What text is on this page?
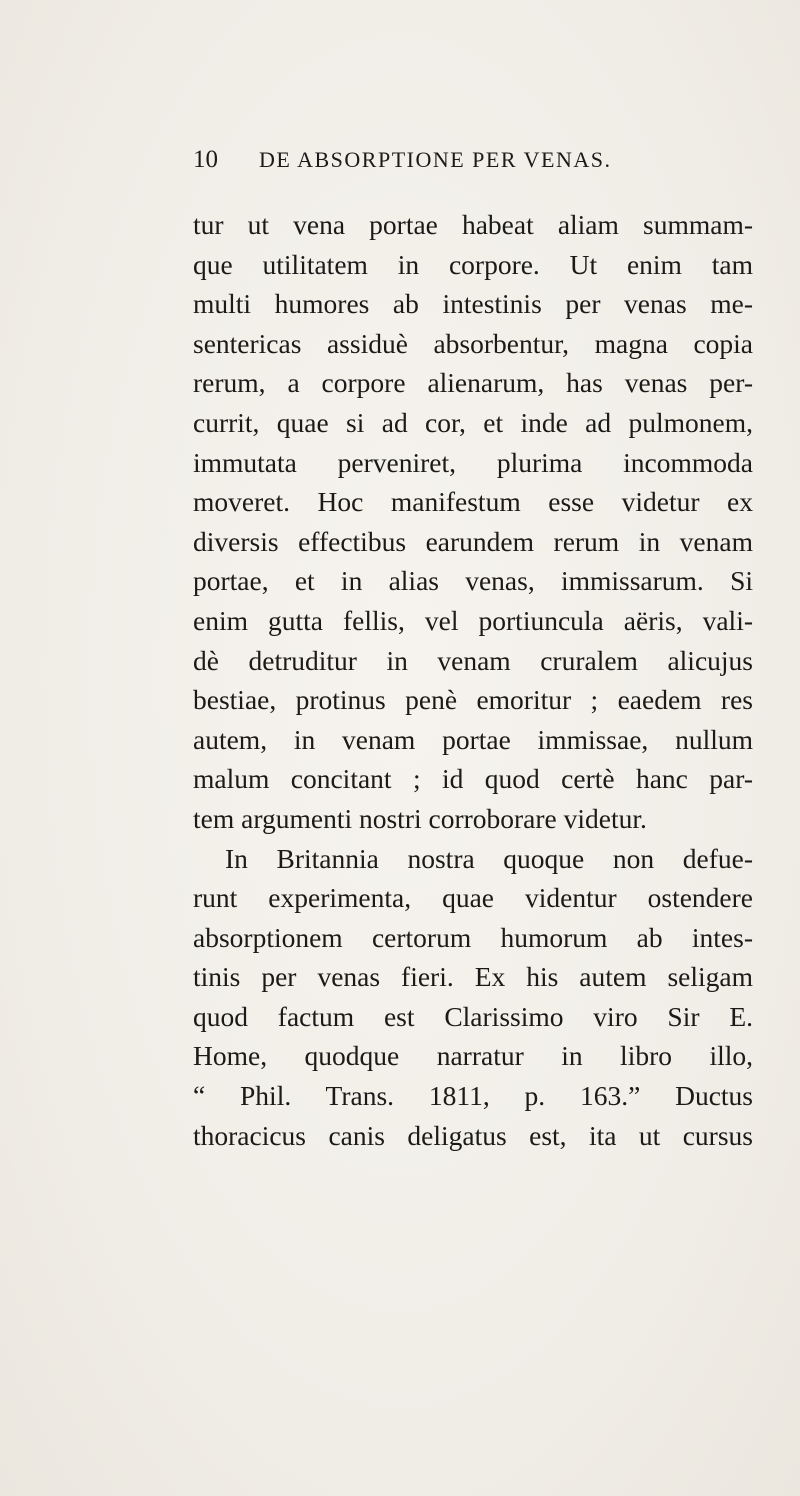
10 DE ABSORPTIONE PER VENAS.
tur ut vena portae habeat aliam summam-
que utilitatem in corpore. Ut enim tam
multi humores ab intestinis per venas me-
sentericas assiduè absorbentur, magna copia
rerum, a corpore alienarum, has venas per-
currit, quae si ad cor, et inde ad pulmonem,
immutata perveniret, plurima incommoda
moveret. Hoc manifestum esse videtur ex
diversis effectibus earundem rerum in venam
portae, et in alias venas, immissarum. Si
enim gutta fellis, vel portiuncula aëris, vali-
dè detruditur in venam cruralem alicujus
bestiae, protinus penè emoritur ; eaedem res
autem, in venam portae immissae, nullum
malum concitant ; id quod certè hanc par-
tem argumenti nostri corroborare videtur.
In Britannia nostra quoque non defue-
runt experimenta, quae videntur ostendere
absorptionem certorum humorum ab intes-
tinis per venas fieri. Ex his autem seligam
quod factum est Clarissimo viro Sir E.
Home, quodque narratur in libro illo,
“ Phil. Trans. 1811, p. 163.” Ductus
thoracicus canis deligatus est, ita ut cursus
